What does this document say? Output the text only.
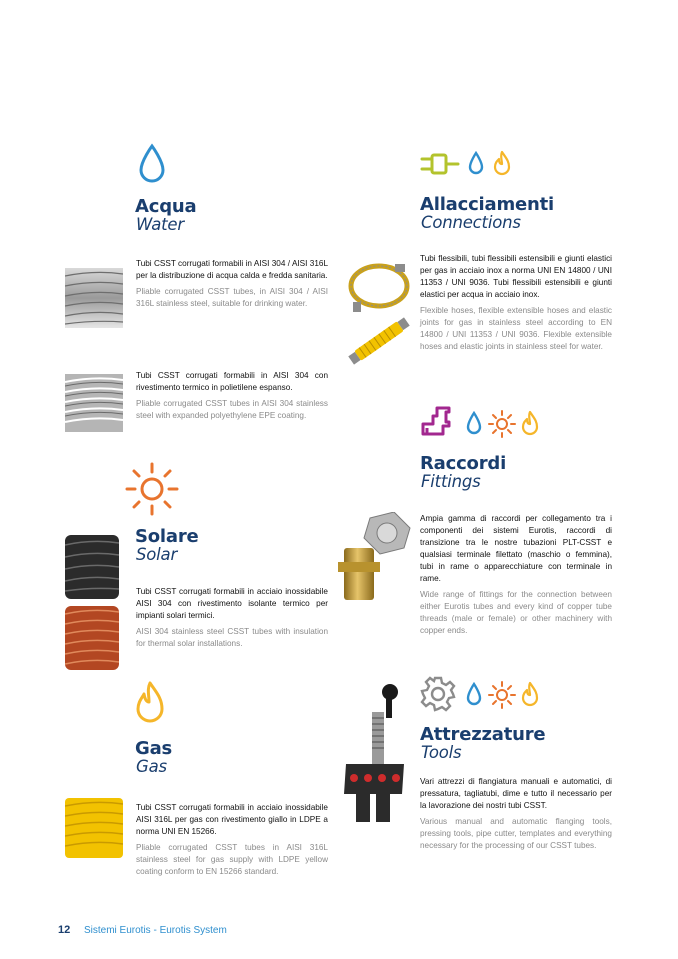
Acqua
Water
Tubi CSST corrugati formabili in AISI 304 / AISI 316L per la distribuzione di acqua calda e fredda sanitaria.
Pliable corrugated CSST tubes, in AISI 304 / AISI 316L stainless steel, suitable for drinking water.
Tubi CSST corrugati formabili in AISI 304 con rivestimento termico in polietilene espanso.
Pliable corrugated CSST tubes in AISI 304 stainless steel with expanded polyethylene EPE coating.
Solare
Solar
Tubi CSST corrugati formabili in acciaio inossidabile AISI 304 con rivestimento isolante termico per impianti solari termici.
AISI 304 stainless steel CSST tubes with insulation for thermal solar installations.
Gas
Gas
Tubi CSST corrugati formabili in acciaio inossidabile AISI 316L per gas con rivestimento giallo in LDPE a norma UNI EN 15266.
Pliable corrugated CSST tubes in AISI 316L stainless steel for gas supply with LDPE yellow coating conform to EN 15266 standard.
Allacciamenti
Connections
Tubi flessibili, tubi flessibili estensibili e giunti elastici per gas in acciaio inox a norma UNI EN 14800 / UNI 11353 / UNI 9036. Tubi flessibili estensibili e giunti elastici per acqua in acciaio inox.
Flexible hoses, flexible extensible hoses and elastic joints for gas in stainless steel according to EN 14800 / UNI 11353 / UNI 9036. Flexible extensible hoses and elastic joints in stainless steel for water.
Raccordi
Fittings
Ampia gamma di raccordi per collegamento tra i componenti dei sistemi Eurotis, raccordi di transizione tra le nostre tubazioni PLT-CSST e qualsiasi terminale filettato (maschio o femmina), tubi in rame o apparecchiature con terminale in rame.
Wide range of fittings for the connection between either Eurotis tubes and every kind of copper tube threads (male or female) or other machinery with copper ends.
Attrezzature
Tools
Vari attrezzi di flangiatura manuali e automatici, di pressatura, tagliatubi, dime e tutto il necessario per la lavorazione dei nostri tubi CSST.
Various manual and automatic flanging tools, pressing tools, pipe cutter, templates and everything necessary for the processing of our CSST tubes.
12 Sistemi Eurotis - Eurotis System
